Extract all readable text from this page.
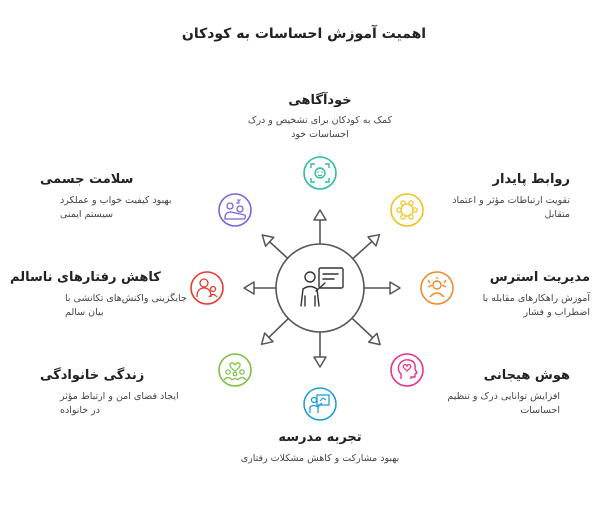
اهمیت آموزش احساسات به کودکان
خودآگاهی
کمک به کودکان برای تشخیص و درک احساسات خود
روابط پایدار
تقویت ارتباطات مؤثر و اعتماد متقابل
مدیریت استرس
آموزش راهکارهای مقابله با اضطراب و فشار
هوش هیجانی
افزایش توانایی درک و تنظیم احساسات
تجربه مدرسه
بهبود مشارکت و کاهش مشکلات رفتاری
زندگی خانوادگی
ایجاد فضای امن و ارتباط مؤثر در خانواده
کاهش رفتارهای ناسالم
جایگزینی واکنش‌های تکانشی با بیان سالم
سلامت جسمی
بهبود کیفیت خواب و عملکرد سیستم ایمنی
